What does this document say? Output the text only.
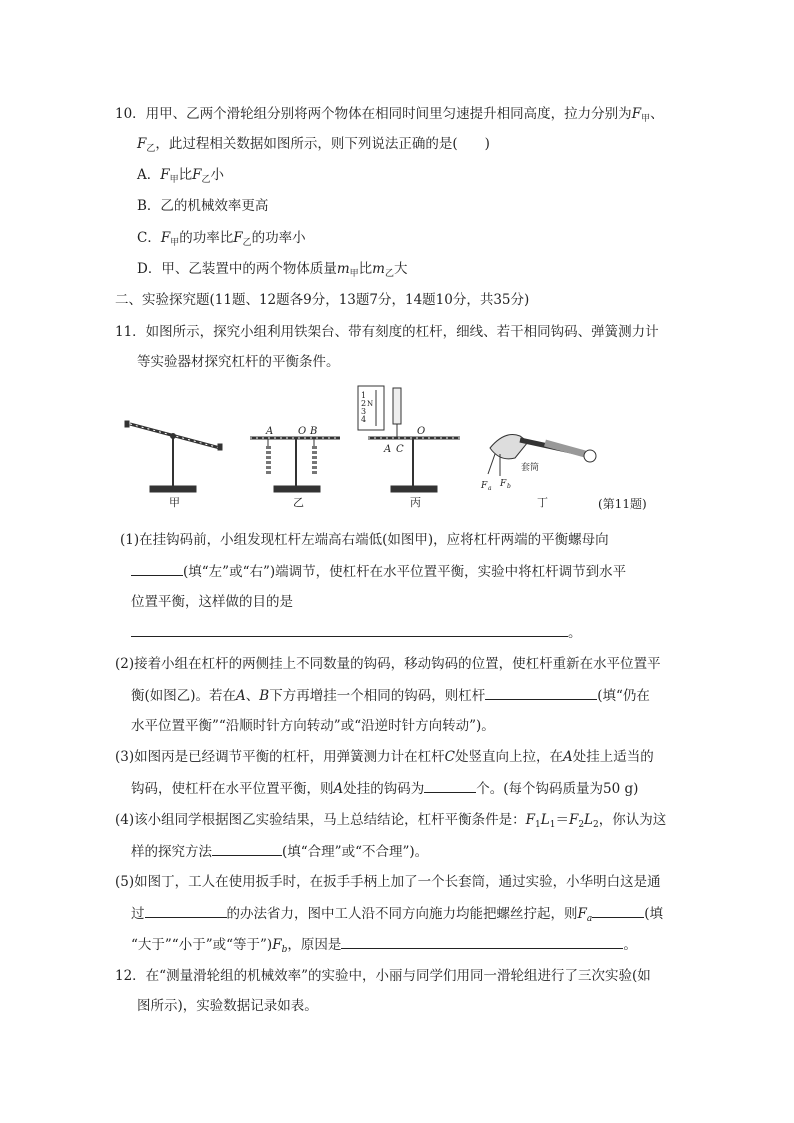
10．用甲、乙两个滑轮组分别将两个物体在相同时间里匀速提升相同高度，拉力分别为$F_甲$、
$F_乙$，此过程相关数据如图所示，则下列说法正确的是(　　)
A．$F_甲$比$F_乙$小
B．乙的机械效率更高
C．$F_甲$的功率比$F_乙$的功率小
D．甲、乙装置中的两个物体质量$m_甲$比$m_乙$大
二、实验探究题(11题、12题各9分，13题7分，14题10分，共35分)
11．如图所示，探究小组利用铁架台、带有刻度的杠杆，细线、若干相同钩码、弹簧测力计
等实验器材探究杠杆的平衡条件。
甲
A O B
乙
1
2 N
3
4
A C
O
丙
套筒
F a F b
丁	(第11题)
(1)在挂钩码前，小组发现杠杆左端高右端低(如图甲)，应将杠杆两端的平衡螺母向
(填“左”或“右”)端调节，使杠杆在水平位置平衡，实验中将杠杆调节到水平
位置平衡，这样做的目的是
。
(2)接着小组在杠杆的两侧挂上不同数量的钩码，移动钩码的位置，使杠杆重新在水平位置平
衡(如图乙)。若在A、B下方再增挂一个相同的钩码，则杠杆	(填“仍在
水平位置平衡”“沿顺时针方向转动”或“沿逆时针方向转动”)。
(3)如图丙是已经调节平衡的杠杆，用弹簧测力计在杠杆C处竖直向上拉，在A处挂上适当的
钩码，使杠杆在水平位置平衡，则A处挂的钩码为	个。(每个钩码质量为50 g)
(4)该小组同学根据图乙实验结果，马上总结结论，杠杆平衡条件是：$F_1L_1=F_2L_2$，你认为这
样的探究方法	(填“合理”或“不合理”)。
(5)如图丁，工人在使用扳手时，在扳手手柄上加了一个长套筒，通过实验，小华明白这是通
过	的办法省力，图中工人沿不同方向施力均能把螺丝拧起，则$F_a$	(填
“大于”“小于”或“等于$”)F_b$，原因是	。
12．在“测量滑轮组的机械效率”的实验中，小丽与同学们用同一滑轮组进行了三次实验(如
图所示)，实验数据记录如表。
